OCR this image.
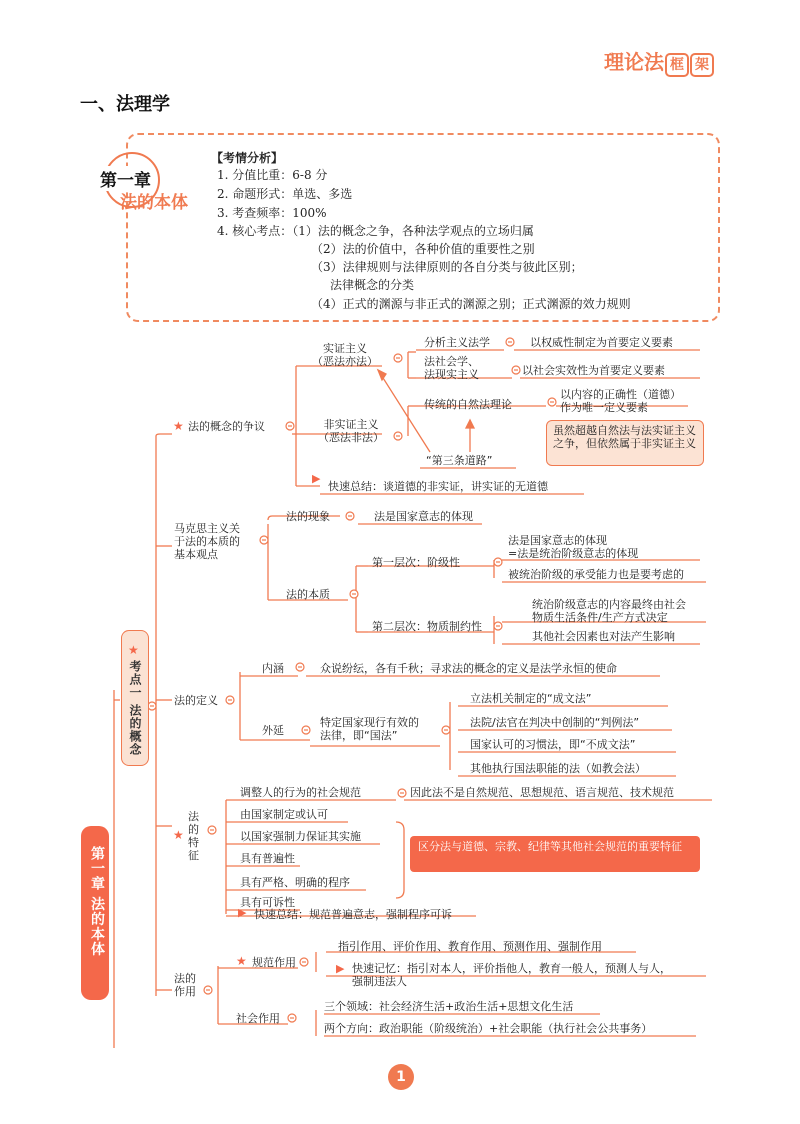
理论法 框 架
一、法理学
第一章
法的本体
【考情分析】
1. 分值比重：6-8 分
2. 命题形式：单选、多选
3. 考查频率：100%
4. 核心考点：（1）法的概念之争，各种法学观点的立场归属
（2）法的价值中，各种价值的重要性之别
（3）法律规则与法律原则的各自分类与彼此区别；
法律概念的分类
（4）正式的渊源与非正式的渊源之别；正式渊源的效力规则
考点一 法的概念
★
第一章 法的本体
★ 法的概念的争议
实证主义
（恶法亦法）
分析主义法学	以权威性制定为首要定义要素
法社会学、
法现实主义	以社会实效性为首要定义要素
非实证主义
（恶法非法）
传统的自然法理论
以内容的正确性（道德）
作为唯一定义要素
“第三条道路”
虽然超越自然法与法实证主义之争，但依然属于非实证主义
▶
快速总结：谈道德的非实证，讲实证的无道德
马克思主义关
于法的本质的
基本观点
法的现象	法是国家意志的体现
法的本质
第一层次：阶级性
法是国家意志的体现
=法是统治阶级意志的体现
被统治阶级的承受能力也是要考虑的
第二层次：物质制约性
统治阶级意志的内容最终由社会
物质生活条件/生产方式决定
其他社会因素也对法产生影响
法的定义
内涵	众说纷纭，各有千秋；寻求法的概念的定义是法学永恒的使命
外延
特定国家现行有效的
法律，即“国法”
立法机关制定的“成文法”
法院/法官在判决中创制的“判例法”
国家认可的习惯法，即“不成文法”
其他执行国法职能的法（如教会法）
法
的
特
征
★
调整人的行为的社会规范	因此法不是自然规范、思想规范、语言规范、技术规范
由国家制定或认可
以国家强制力保证其实施
具有普遍性
具有严格、明确的程序
具有可诉性
区分法与道德、宗教、纪律等其他社会规范的重要特征
▶ 快速总结：规范普遍意志，强制程序可诉
法的
作用
★ 规范作用
指引作用、评价作用、教育作用、预测作用、强制作用
▶ 快速记忆：指引对本人，评价指他人，教育一般人，预测人与人，
强制违法人
社会作用
三个领域：社会经济生活+政治生活+思想文化生活
两个方向：政治职能（阶级统治）+社会职能（执行社会公共事务）
1
